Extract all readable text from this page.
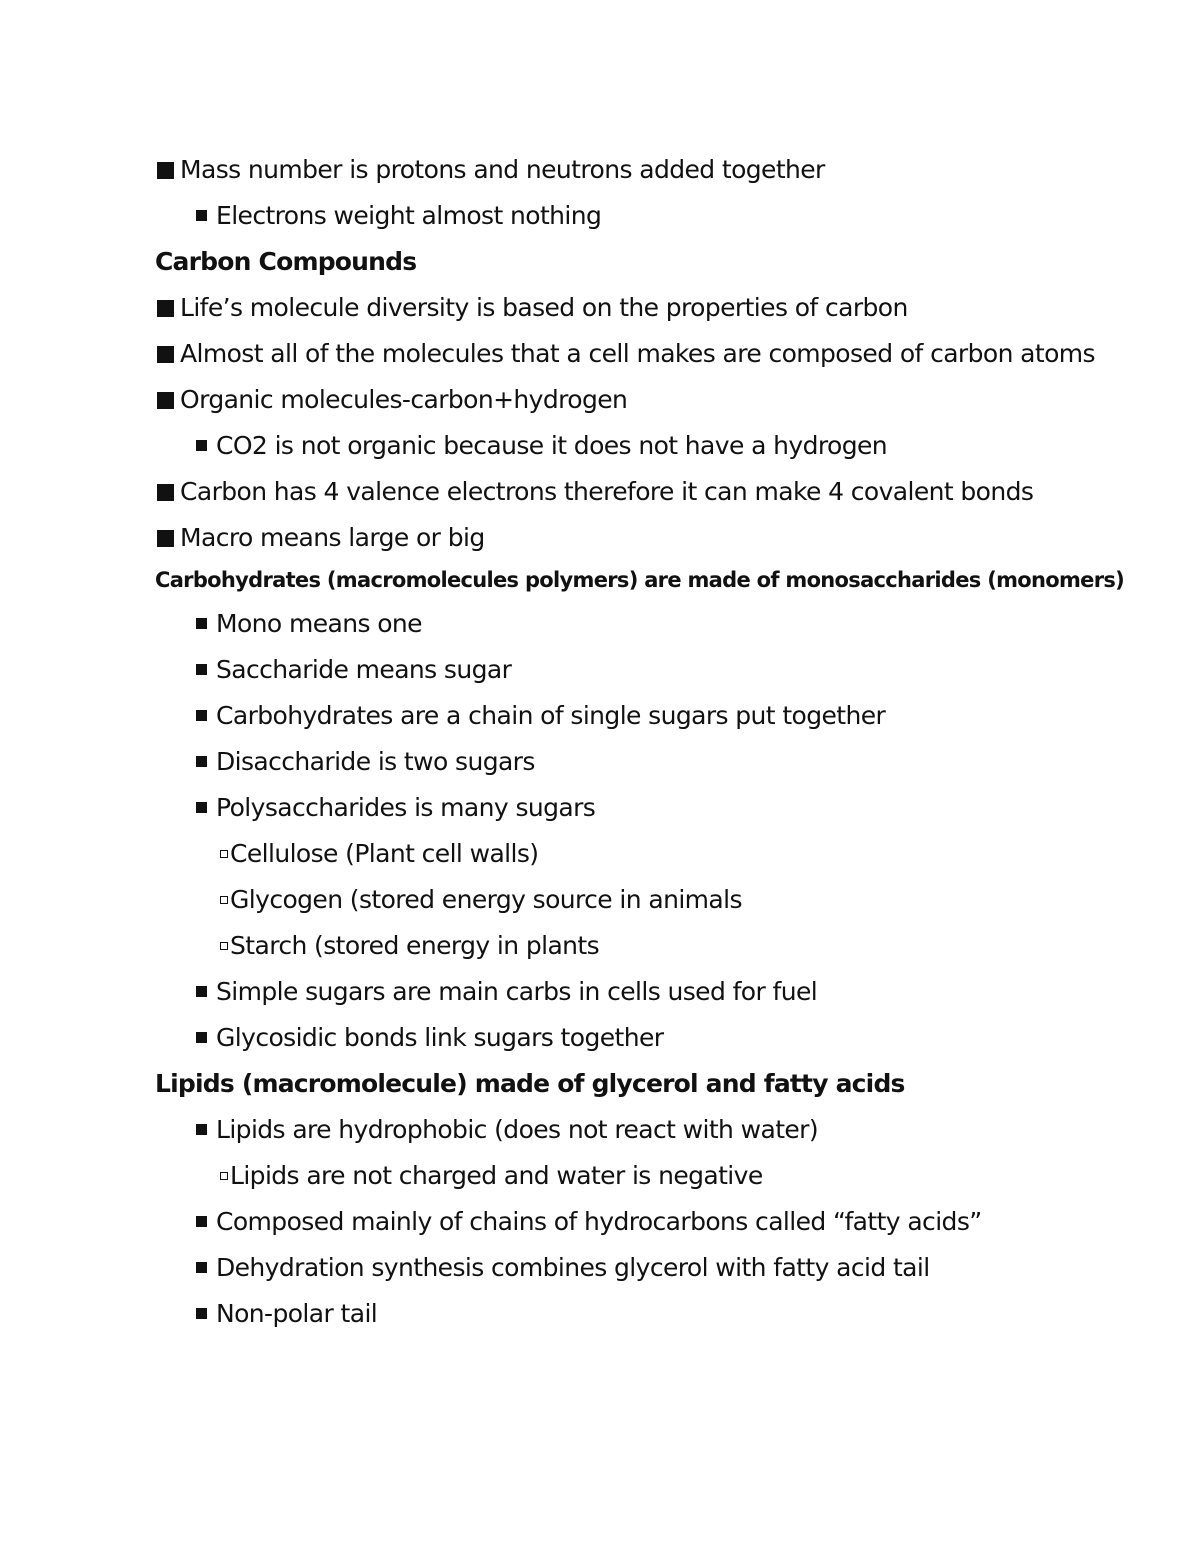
Mass number is protons and neutrons added together
Electrons weight almost nothing
Carbon Compounds
Life’s molecule diversity is based on the properties of carbon
Almost all of the molecules that a cell makes are composed of carbon atoms
Organic molecules-carbon+hydrogen
CO2 is not organic because it does not have a hydrogen
Carbon has 4 valence electrons therefore it can make 4 covalent bonds
Macro means large or big
Carbohydrates (macromolecules polymers) are made of monosaccharides (monomers)
Mono means one
Saccharide means sugar
Carbohydrates are a chain of single sugars put together
Disaccharide is two sugars
Polysaccharides is many sugars
Cellulose (Plant cell walls)
Glycogen (stored energy source in animals
Starch (stored energy in plants
Simple sugars are main carbs in cells used for fuel
Glycosidic bonds link sugars together
Lipids (macromolecule) made of glycerol and fatty acids
Lipids are hydrophobic (does not react with water)
Lipids are not charged and water is negative
Composed mainly of chains of hydrocarbons called “fatty acids”
Dehydration synthesis combines glycerol with fatty acid tail
Non-polar tail
